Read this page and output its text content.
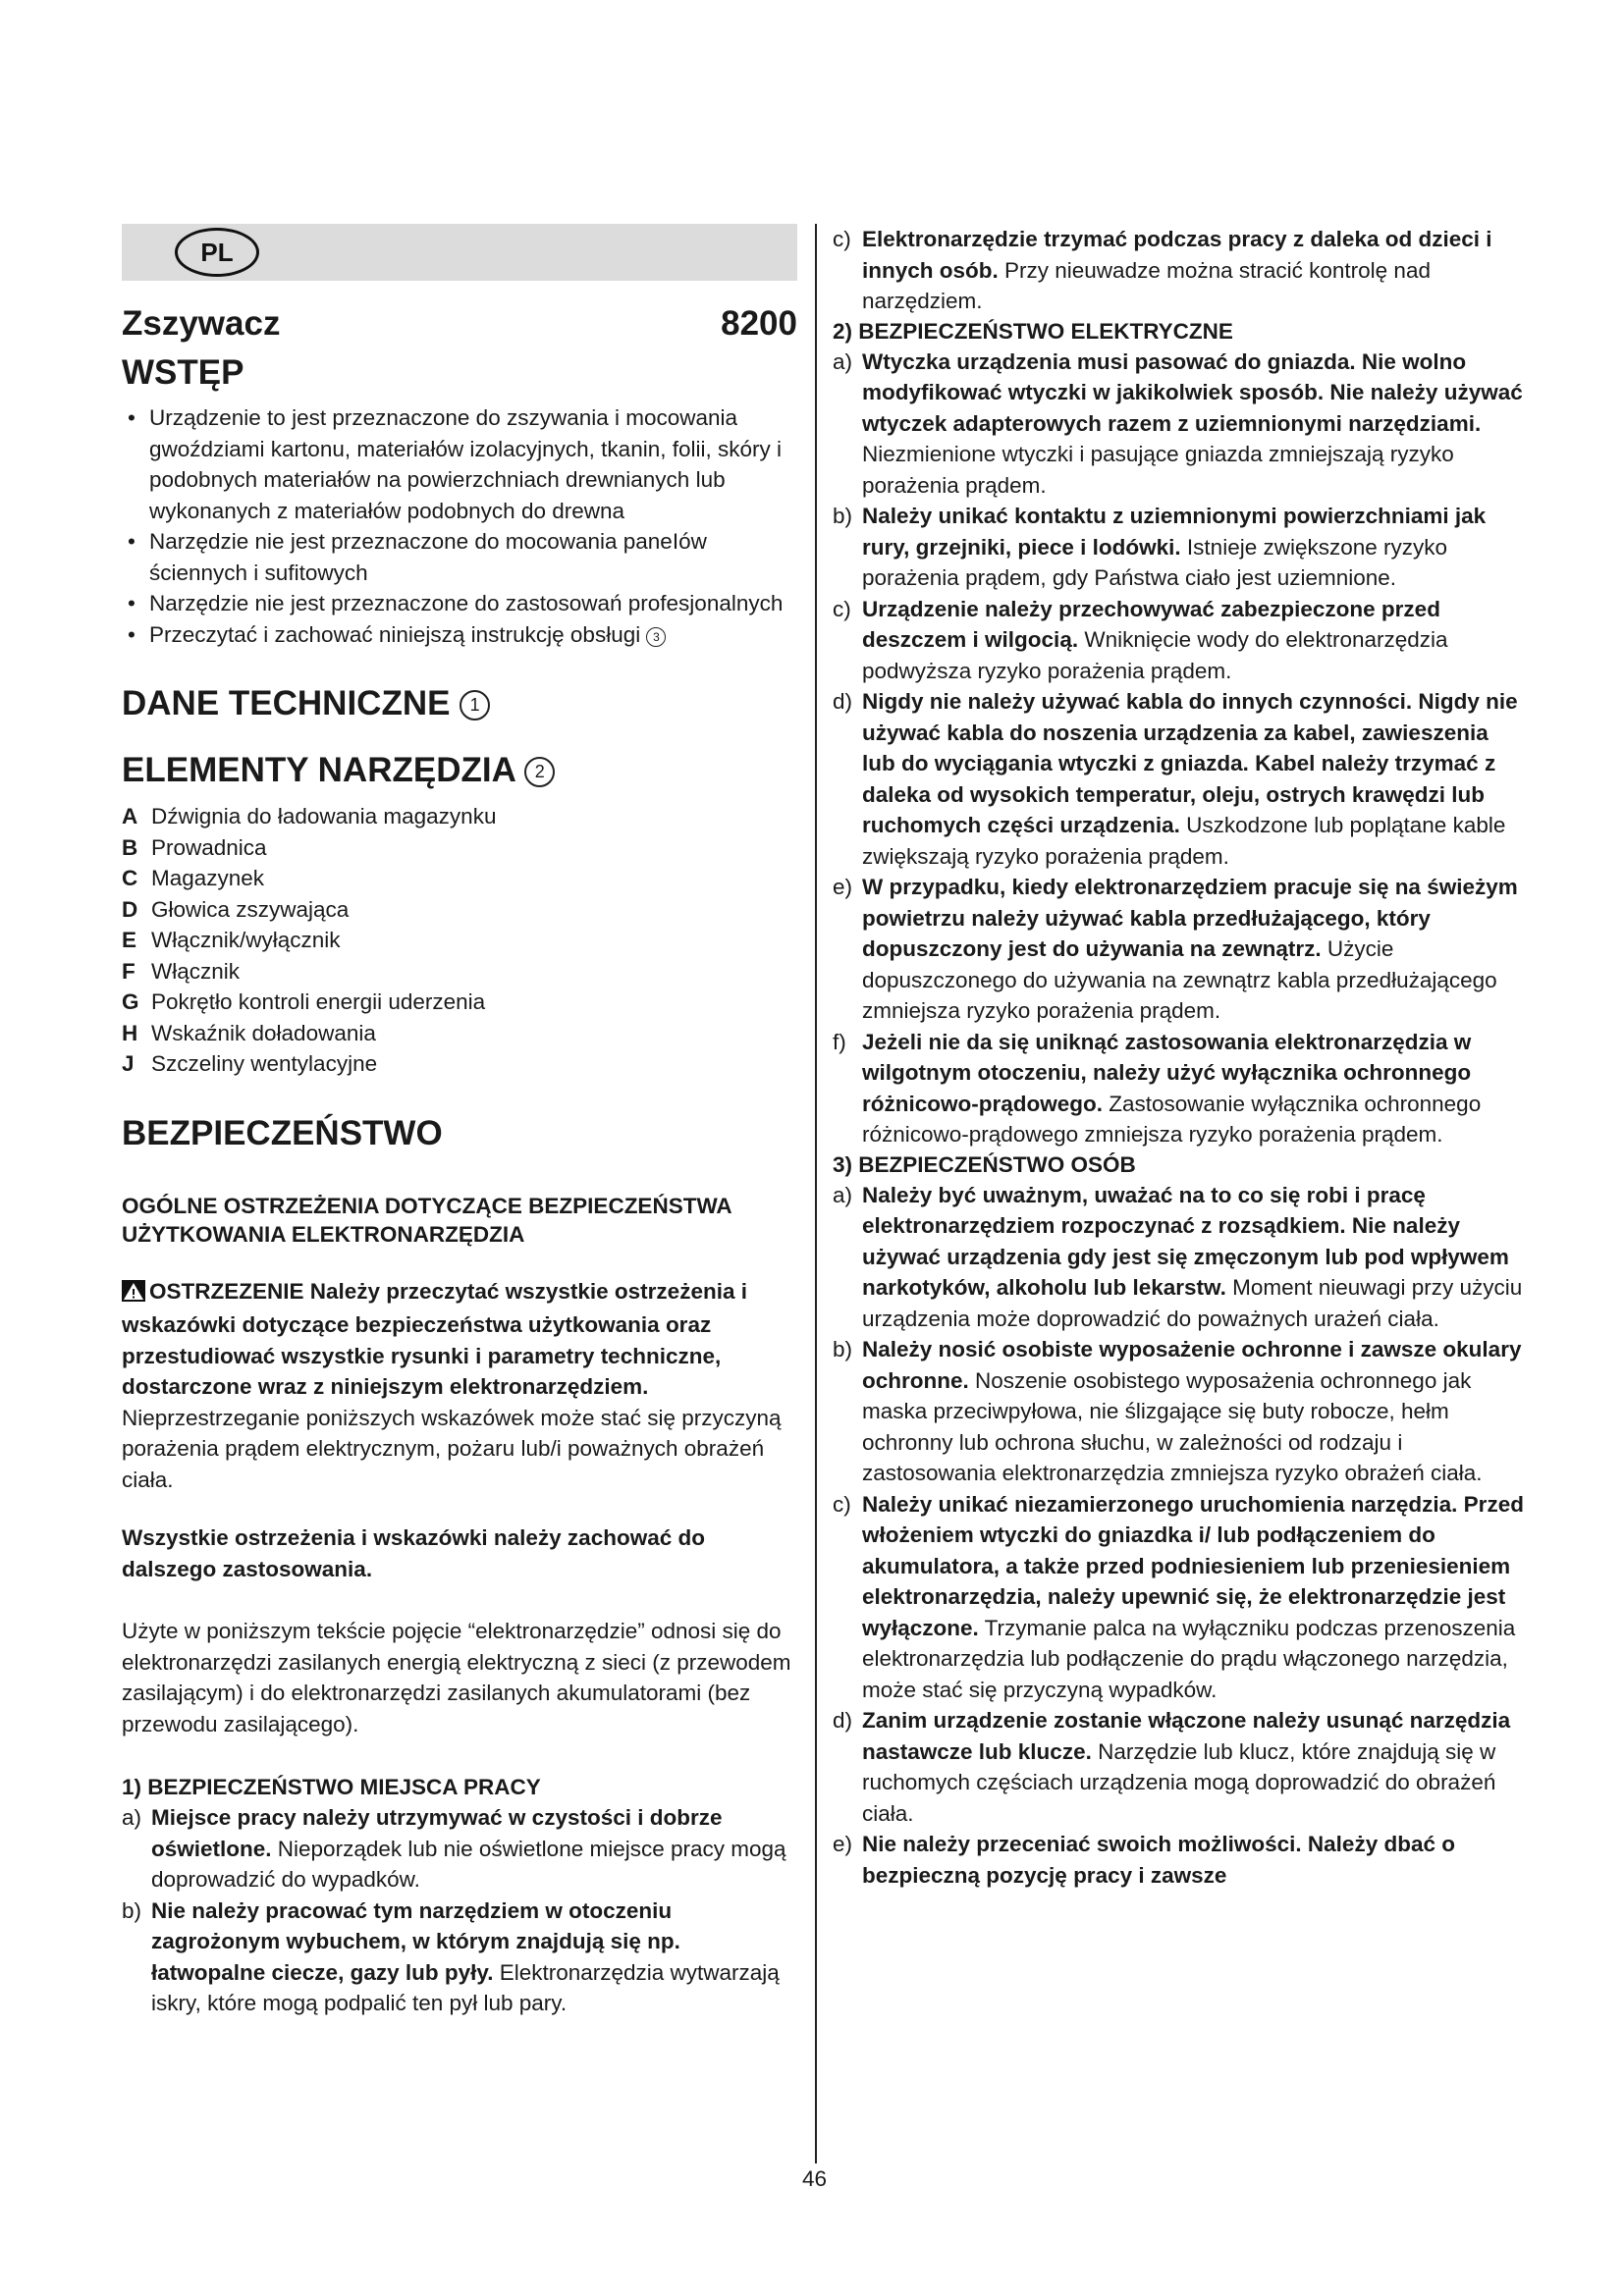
PL
Zszywacz	8200
WSTĘP
• Urządzenie to jest przeznaczone do zszywania i mocowania gwoździami kartonu, materiałów izolacyjnych, tkanin, folii, skóry i podobnych materiałów na powierzchniach drewnianych lub wykonanych z materiałów podobnych do drewna
• Narzędzie nie jest przeznaczone do mocowania paneIów ściennych i sufitowych
• Narzędzie nie jest przeznaczone do zastosowań profesjonalnych
• Przeczytać i zachować niniejszą instrukcję obsługi 3
DANE TECHNICZNE 1
ELEMENTY NARZĘDZIA 2
A Dźwignia do ładowania magazynku
B Prowadnica
C Magazynek
D Głowica zszywająca
E Włącznik/wyłącznik
F Włącznik
G Pokrętło kontroli energii uderzenia
H Wskaźnik doładowania
J Szczeliny wentylacyjne
BEZPIECZEŃSTWO
OGÓLNE OSTRZEŻENIA DOTYCZĄCE BEZPIECZEŃSTWA UŻYTKOWANIA ELEKTRONARZĘDZIA
OSTRZEZENIE Należy przeczytać wszystkie ostrzeżenia i wskazówki dotyczące bezpieczeństwa użytkowania oraz przestudiować wszystkie rysunki i parametry techniczne, dostarczone wraz z niniejszym elektronarzędziem. Nieprzestrzeganie poniższych wskazówek może stać się przyczyną porażenia prądem elektrycznym, pożaru lub/i poważnych obrażeń ciała.
Wszystkie ostrzeżenia i wskazówki należy zachować do dalszego zastosowania.
Użyte w poniższym tekście pojęcie “elektronarzędzie” odnosi się do elektronarzędzi zasilanych energią elektryczną z sieci (z przewodem zasilającym) i do elektronarzędzi zasilanych akumulatorami (bez przewodu zasilającego).
1) BEZPIECZEŃSTWO MIEJSCA PRACY
a) Miejsce pracy należy utrzymywać w czystości i dobrze oświetlone. Nieporządek lub nie oświetlone miejsce pracy mogą doprowadzić do wypadków.
b) Nie należy pracować tym narzędziem w otoczeniu zagrożonym wybuchem, w którym znajdują się np. łatwopalne ciecze, gazy lub pyły. Elektronarzędzia wytwarzają iskry, które mogą podpalić ten pył lub pary.
c) Elektronarzędzie trzymać podczas pracy z daleka od dzieci i innych osób. Przy nieuwadze można stracić kontrolę nad narzędziem.
2) BEZPIECZEŃSTWO ELEKTRYCZNE
a) Wtyczka urządzenia musi pasować do gniazda. Nie wolno modyfikować wtyczki w jakikolwiek sposób. Nie należy używać wtyczek adapterowych razem z uziemnionymi narzędziami. Niezmienione wtyczki i pasujące gniazda zmniejszają ryzyko porażenia prądem.
b) Należy unikać kontaktu z uziemnionymi powierzchniami jak rury, grzejniki, piece i lodówki. Istnieje zwiększone ryzyko porażenia prądem, gdy Państwa ciało jest uziemnione.
c) Urządzenie należy przechowywać zabezpieczone przed deszczem i wilgocią. Wniknięcie wody do elektronarzędzia podwyższa ryzyko porażenia prądem.
d) Nigdy nie należy używać kabla do innych czynności. Nigdy nie używać kabla do noszenia urządzenia za kabel, zawieszenia lub do wyciągania wtyczki z gniazda. Kabel należy trzymać z daleka od wysokich temperatur, oleju, ostrych krawędzi lub ruchomych części urządzenia. Uszkodzone lub poplątane kable zwiększają ryzyko porażenia prądem.
e) W przypadku, kiedy elektronarzędziem pracuje się na świeżym powietrzu należy używać kabla przedłużającego, który dopuszczony jest do używania na zewnątrz. Użycie dopuszczonego do używania na zewnątrz kabla przedłużającego zmniejsza ryzyko porażenia prądem.
f) Jeżeli nie da się uniknąć zastosowania elektronarzędzia w wilgotnym otoczeniu, należy użyć wyłącznika ochronnego różnicowo-prądowego. Zastosowanie wyłącznika ochronnego różnicowo-prądowego zmniejsza ryzyko porażenia prądem.
3) BEZPIECZEŃSTWO OSÓB
a) Należy być uważnym, uważać na to co się robi i pracę elektronarzędziem rozpoczynać z rozsądkiem. Nie należy używać urządzenia gdy jest się zmęczonym lub pod wpływem narkotyków, alkoholu lub lekarstw. Moment nieuwagi przy użyciu urządzenia może doprowadzić do poważnych urażeń ciała.
b) Należy nosić osobiste wyposażenie ochronne i zawsze okulary ochronne. Noszenie osobistego wyposażenia ochronnego jak maska przeciwpyłowa, nie ślizgające się buty robocze, hełm ochronny lub ochrona słuchu, w zależności od rodzaju i zastosowania elektronarzędzia zmniejsza ryzyko obrażeń ciała.
c) Należy unikać niezamierzonego uruchomienia narzędzia. Przed włożeniem wtyczki do gniazdka i/ lub podłączeniem do akumulatora, a także przed podniesieniem lub przeniesieniem elektronarzędzia, należy upewnić się, że elektronarzędzie jest wyłączone. Trzymanie palca na wyłączniku podczas przenoszenia elektronarzędzia lub podłączenie do prądu włączonego narzędzia, może stać się przyczyną wypadków.
d) Zanim urządzenie zostanie włączone należy usunąć narzędzia nastawcze lub klucze. Narzędzie lub klucz, które znajdują się w ruchomych częściach urządzenia mogą doprowadzić do obrażeń ciała.
e) Nie należy przeceniać swoich możliwości. Należy dbać o bezpieczną pozycję pracy i zawsze
46
